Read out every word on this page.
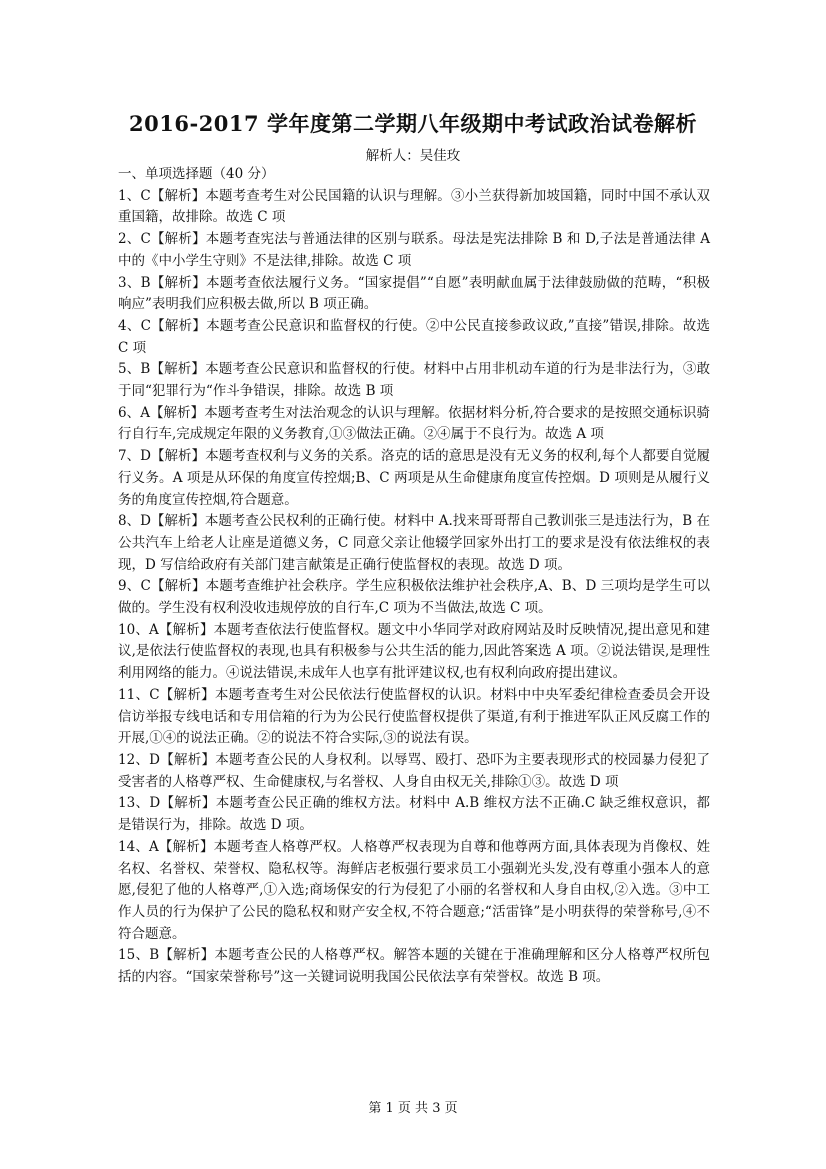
2016-2017 学年度第二学期八年级期中考试政治试卷解析
解析人：吴佳玫

一、单项选择题（40 分）

1、C【解析】本题考查考生对公民国籍的认识与理解。③小兰获得新加坡国籍，同时中国不承认双重国籍，故排除。故选 C 项

2、C【解析】本题考查宪法与普通法律的区别与联系。母法是宪法排除 B 和 D,子法是普通法律 A 中的《中小学生守则》不是法律,排除。故选 C 项

3、B【解析】本题考查依法履行义务。“国家提倡”“自愿”表明献血属于法律鼓励做的范畴，“积极响应”表明我们应积极去做,所以 B 项正确。

4、C【解析】本题考查公民意识和监督权的行使。②中公民直接参政议政,”直接”错误,排除。故选 C 项

5、B【解析】本题考查公民意识和监督权的行使。材料中占用非机动车道的行为是非法行为，③敢于同“犯罪行为“作斗争错误，排除。故选 B 项

6、A【解析】本题考查考生对法治观念的认识与理解。依据材料分析,符合要求的是按照交通标识骑行自行车,完成规定年限的义务教育,①③做法正确。②④属于不良行为。故选 A 项

7、D【解析】本题考查权利与义务的关系。洛克的话的意思是没有无义务的权利,每个人都要自觉履行义务。A 项是从环保的角度宣传控烟;B、C 两项是从生命健康角度宣传控烟。D 项则是从履行义务的角度宣传控烟,符合题意。

8、D【解析】本题考查公民权利的正确行使。材料中 A.找来哥哥帮自己教训张三是违法行为，B 在公共汽车上给老人让座是道德义务，C 同意父亲让他辍学回家外出打工的要求是没有依法维权的表现，D 写信给政府有关部门建言献策是正确行使监督权的表现。故选 D 项。

9、C【解析】本题考查维护社会秩序。学生应积极依法维护社会秩序,A、B、D 三项均是学生可以做的。学生没有权利没收违规停放的自行车,C 项为不当做法,故选 C 项。

10、A【解析】本题考查依法行使监督权。题文中小华同学对政府网站及时反映情况,提出意见和建议,是依法行使监督权的表现,也具有积极参与公共生活的能力,因此答案选 A 项。②说法错误,是理性利用网络的能力。④说法错误,未成年人也享有批评建议权,也有权利向政府提出建议。

11、C【解析】本题考查考生对公民依法行使监督权的认识。材料中中央军委纪律检查委员会开设信访举报专线电话和专用信箱的行为为公民行使监督权提供了渠道,有利于推进军队正风反腐工作的开展,①④的说法正确。②的说法不符合实际,③的说法有误。

12、D【解析】本题考查公民的人身权利。以辱骂、殴打、恐吓为主要表现形式的校园暴力侵犯了受害者的人格尊严权、生命健康权,与名誉权、人身自由权无关,排除①③。故选 D 项

13、D【解析】本题考查公民正确的维权方法。材料中 A.B 维权方法不正确.C 缺乏维权意识，都是错误行为，排除。故选 D 项。

14、A【解析】本题考查人格尊严权。人格尊严权表现为自尊和他尊两方面,具体表现为肖像权、姓名权、名誉权、荣誉权、隐私权等。海鲜店老板强行要求员工小强剃光头发,没有尊重小强本人的意愿,侵犯了他的人格尊严,①入选;商场保安的行为侵犯了小丽的名誉权和人身自由权,②入选。③中工作人员的行为保护了公民的隐私权和财产安全权,不符合题意;“活雷锋”是小明获得的荣誉称号,④不符合题意。

15、B【解析】本题考查公民的人格尊严权。解答本题的关键在于准确理解和区分人格尊严权所包括的内容。“国家荣誉称号”这一关键词说明我国公民依法享有荣誉权。故选 B 项。

第 1 页 共 3 页
